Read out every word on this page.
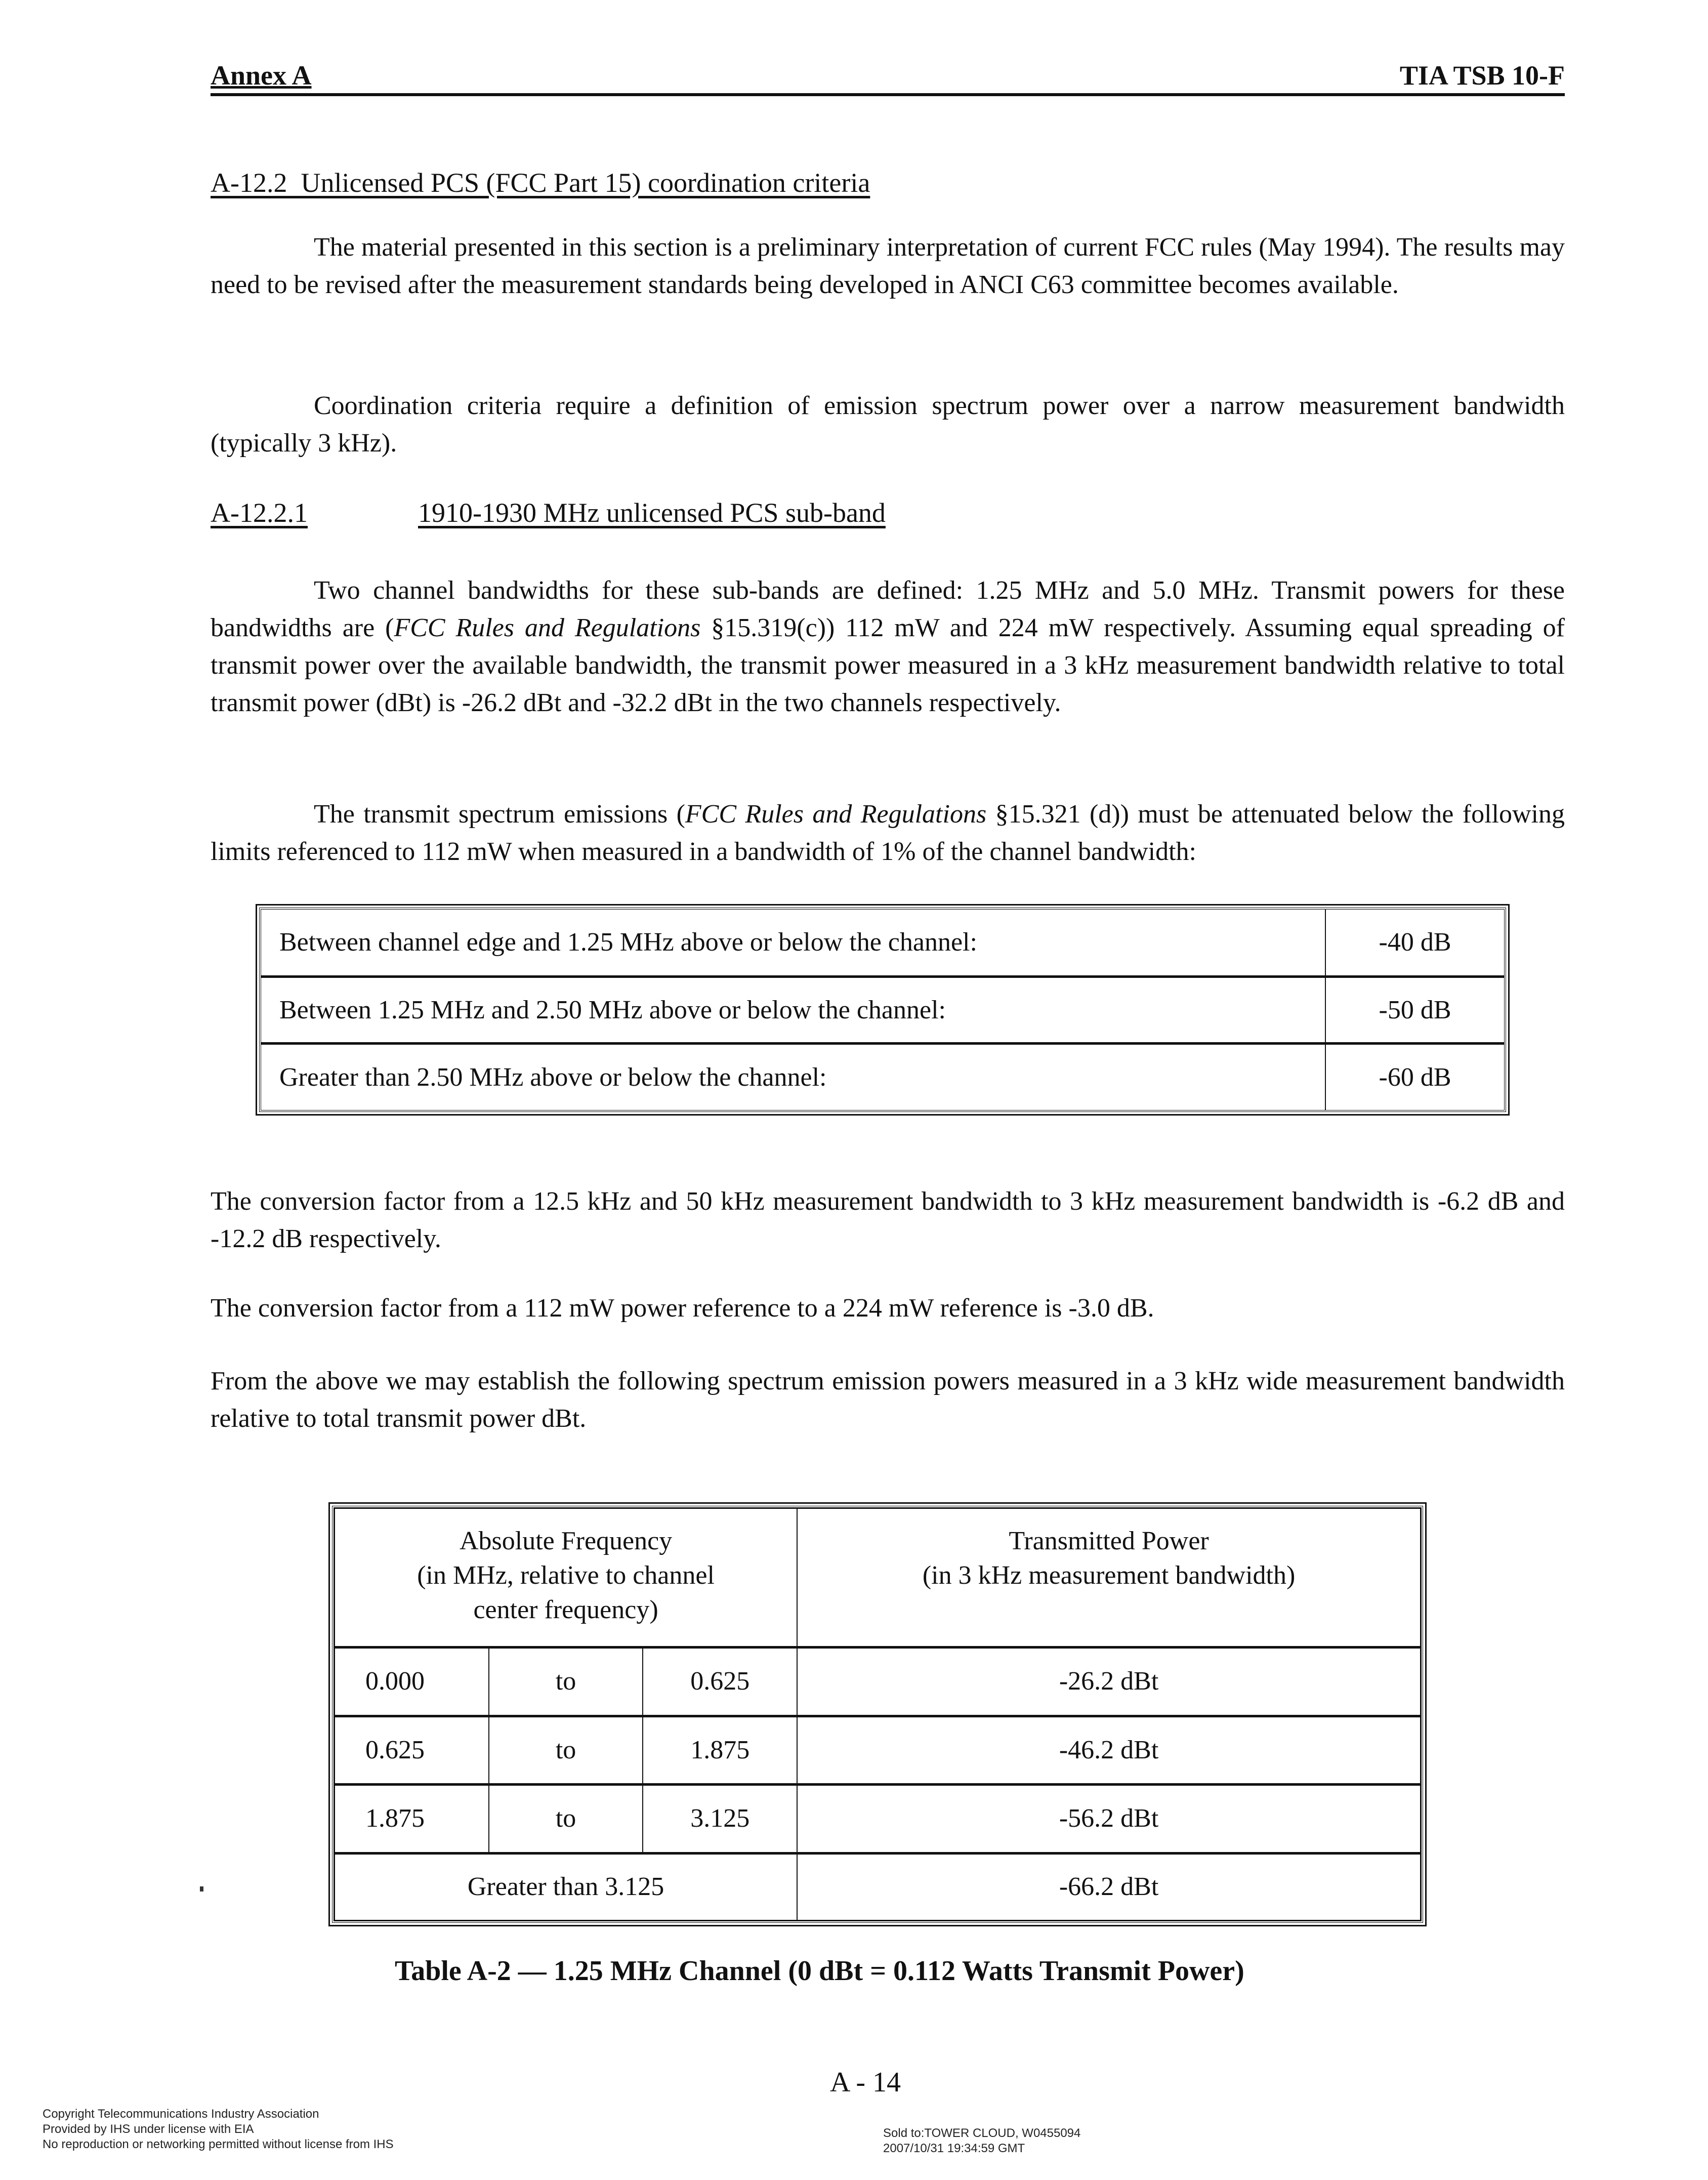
Annex A	TIA TSB 10-F
A-12.2 Unlicensed PCS (FCC Part 15) coordination criteria

The material presented in this section is a preliminary interpretation of current FCC rules (May 1994). The results may need to be revised after the measurement standards being developed in ANCI C63 committee becomes available.

Coordination criteria require a definition of emission spectrum power over a narrow measurement bandwidth (typically 3 kHz).

A-12.2.1	1910-1930 MHz unlicensed PCS sub-band

Two channel bandwidths for these sub-bands are defined: 1.25 MHz and 5.0 MHz. Transmit powers for these bandwidths are (FCC Rules and Regulations §15.319(c)) 112 mW and 224 mW respectively. Assuming equal spreading of transmit power over the available bandwidth, the transmit power measured in a 3 kHz measurement bandwidth relative to total transmit power (dBt) is -26.2 dBt and -32.2 dBt in the two channels respectively.

The transmit spectrum emissions (FCC Rules and Regulations §15.321 (d)) must be attenuated below the following limits referenced to 112 mW when measured in a bandwidth of 1% of the channel bandwidth:

Between channel edge and 1.25 MHz above or below the channel:	-40 dB
Between 1.25 MHz and 2.50 MHz above or below the channel:	-50 dB
Greater than 2.50 MHz above or below the channel:	-60 dB

The conversion factor from a 12.5 kHz and 50 kHz measurement bandwidth to 3 kHz measurement bandwidth is -6.2 dB and -12.2 dB respectively.

The conversion factor from a 112 mW power reference to a 224 mW reference is -3.0 dB.

From the above we may establish the following spectrum emission powers measured in a 3 kHz wide measurement bandwidth relative to total transmit power dBt.

Absolute Frequency
(in MHz, relative to channel
center frequency)

Transmitted Power
(in 3 kHz measurement bandwidth)

0.000	to	0.625	-26.2 dBt
0.625	to	1.875	-46.2 dBt
1.875	to	3.125	-56.2 dBt
Greater than 3.125			-66.2 dBt
Table A-2 — 1.25 MHz Channel (0 dBt = 0.112 Watts Transmit Power)
A - 14
Copyright Telecommunications Industry Association
Provided by IHS under license with EIA
No reproduction or networking permitted without license from IHS
Sold to:TOWER CLOUD, W0455094
2007/10/31 19:34:59 GMT
